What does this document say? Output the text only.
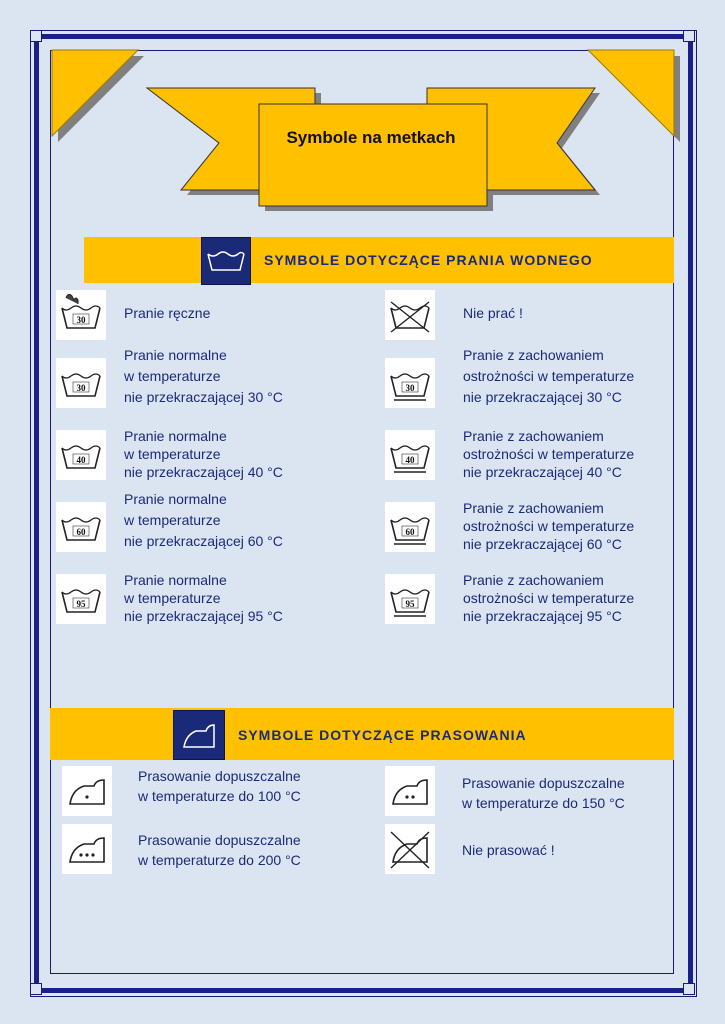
Symbole na metkach
SYMBOLE DOTYCZĄCE PRANIA WODNEGO
30	Pranie ręczne	Nie prać !
30
Pranie normalne
w temperaturze
nie przekraczającej 30 °C
30
Pranie z zachowaniem
ostrożności w temperaturze
nie przekraczającej 30 °C
40
Pranie normalne
w temperaturze
nie przekraczającej 40 °C
40
Pranie z zachowaniem
ostrożności w temperaturze
nie przekraczającej 40 °C
60
Pranie normalne
w temperaturze
nie przekraczającej 60 °C
60
Pranie z zachowaniem
ostrożności w temperaturze
nie przekraczającej 60 °C
95
Pranie normalne
w temperaturze
nie przekraczającej 95 °C
95
Pranie z zachowaniem
ostrożności w temperaturze
nie przekraczającej 95 °C
SYMBOLE DOTYCZĄCE PRASOWANIA
Prasowanie dopuszczalne
w temperaturze do 100 °C
Prasowanie dopuszczalne
w temperaturze do 150 °C
Prasowanie dopuszczalne
w temperaturze do 200 °C
Nie prasować !
